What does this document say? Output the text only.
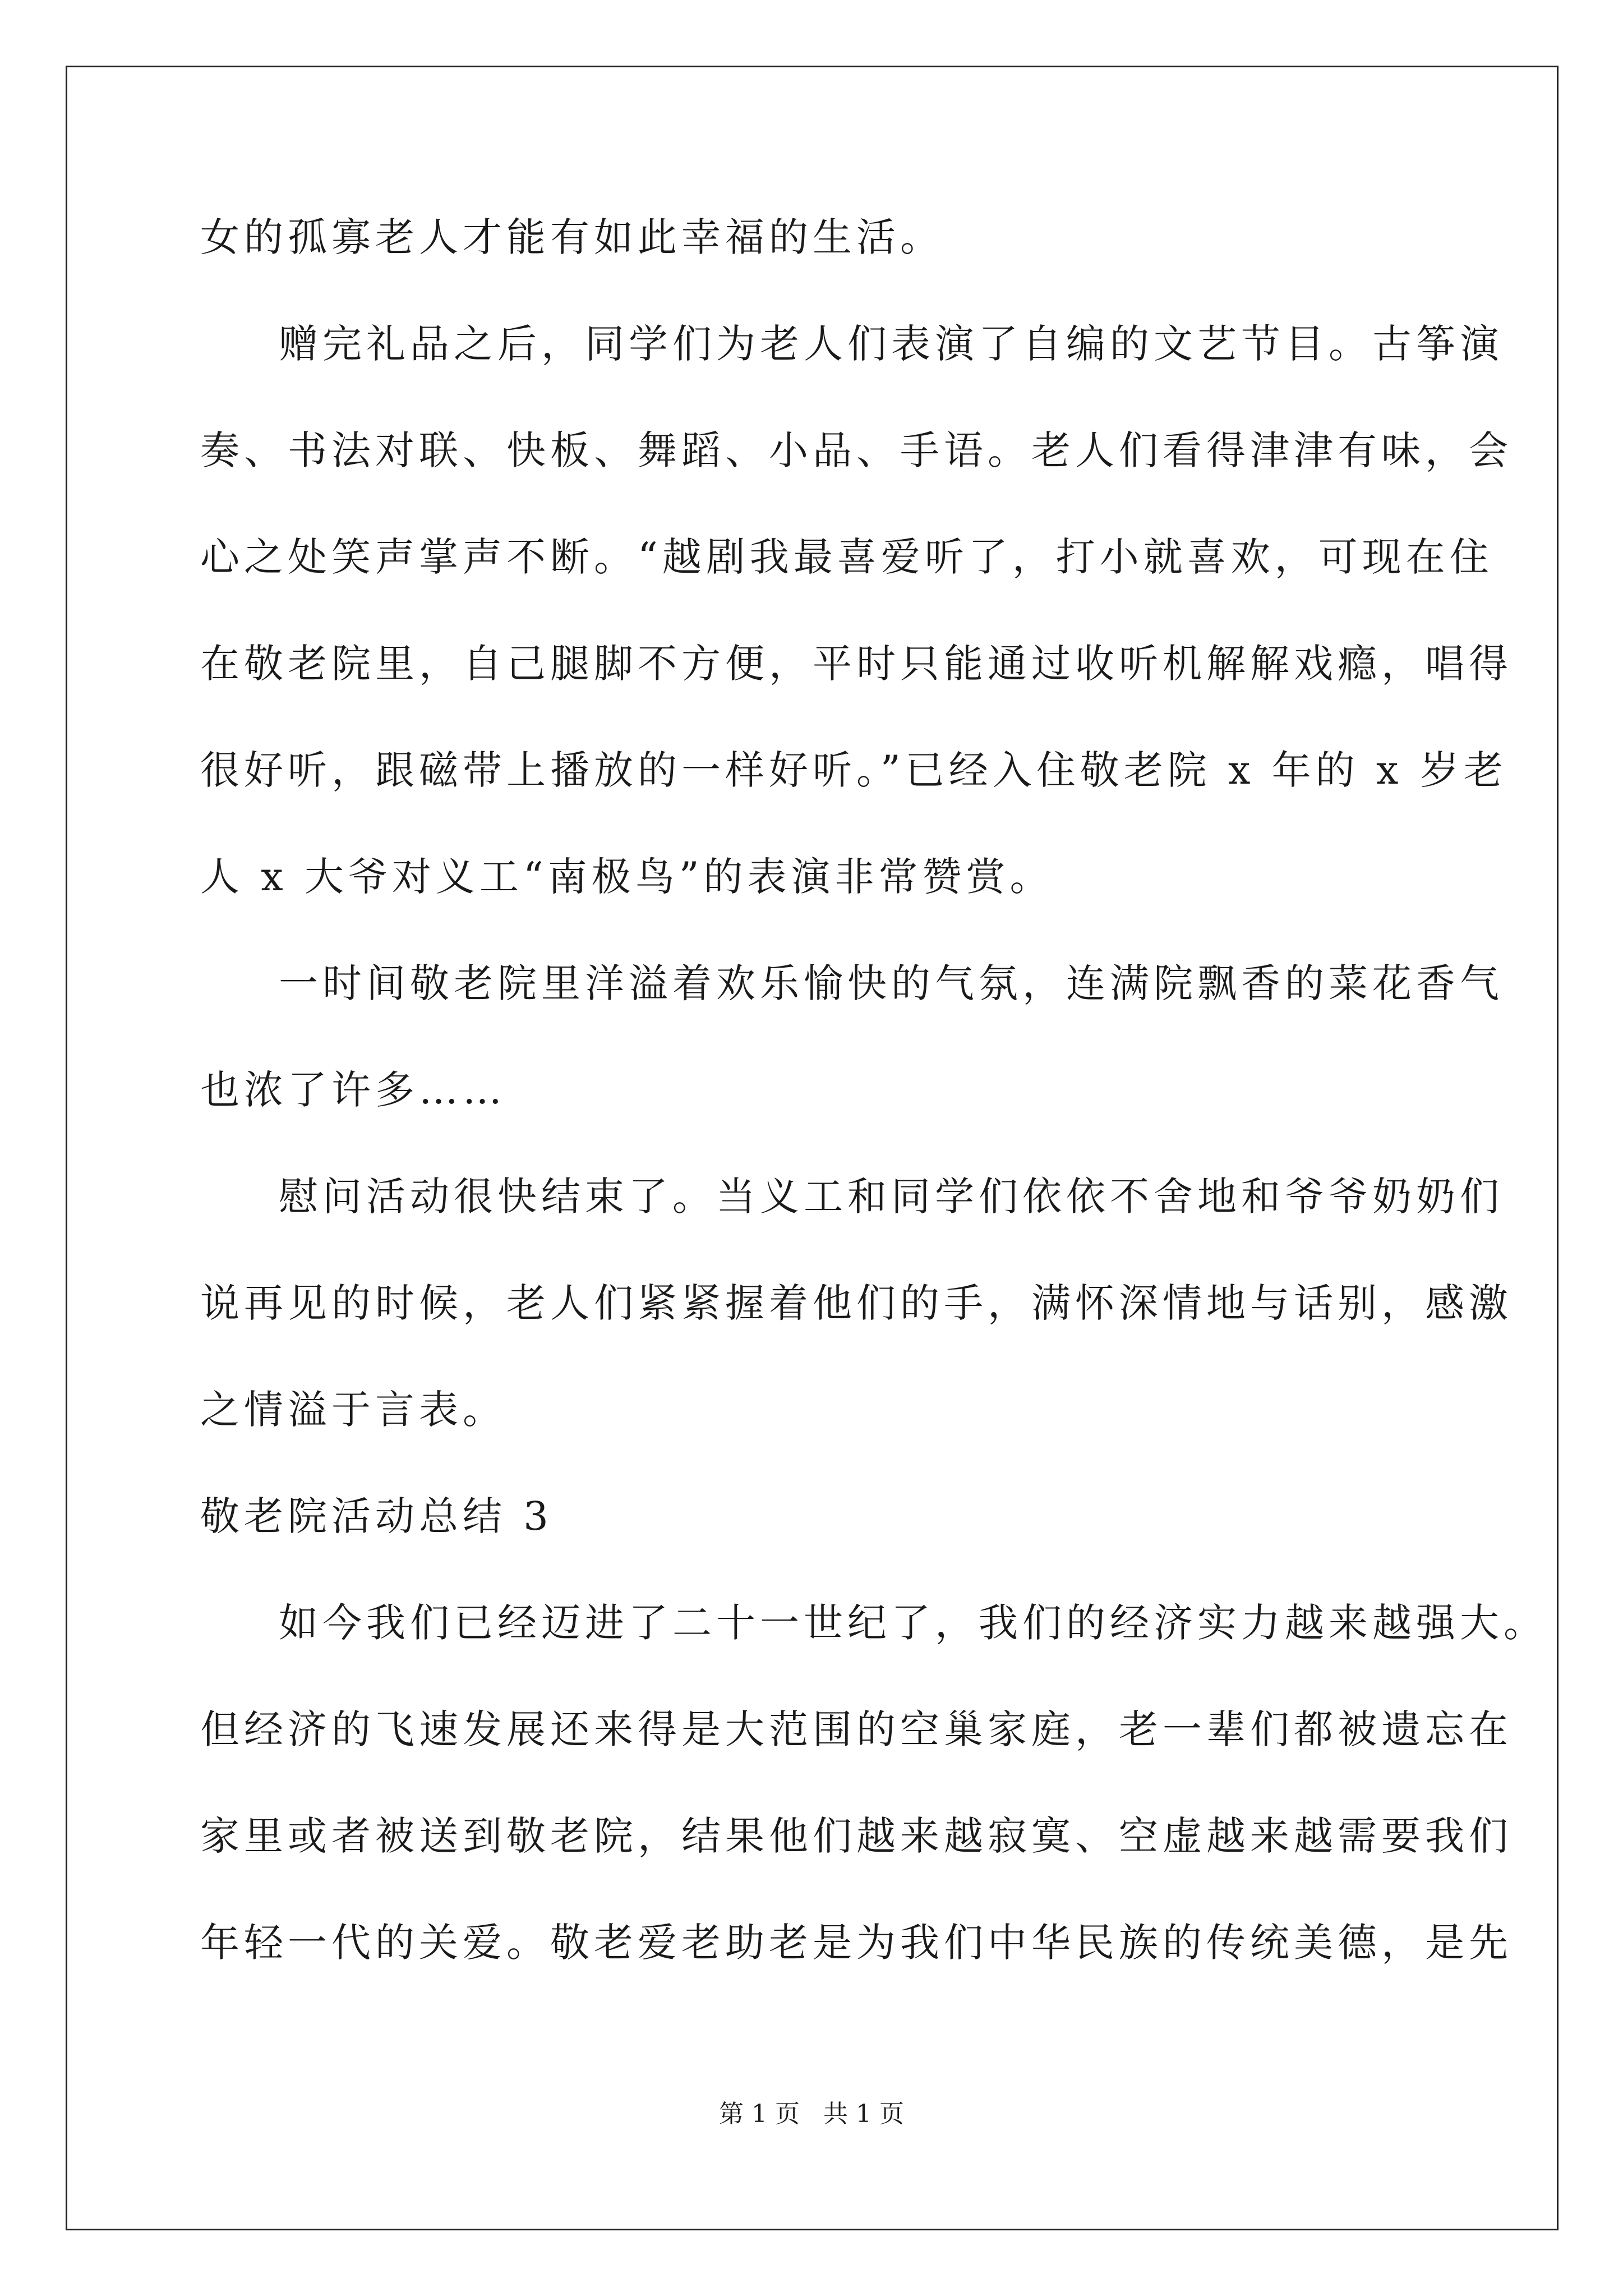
女的孤寡老人才能有如此幸福的生活。
赠完礼品之后，同学们为老人们表演了自编的文艺节目。古筝演
奏、书法对联、快板、舞蹈、小品、手语。老人们看得津津有味，会
心之处笑声掌声不断。“越剧我最喜爱听了，打小就喜欢，可现在住
在敬老院里，自己腿脚不方便，平时只能通过收听机解解戏瘾，唱得
很好听，跟磁带上播放的一样好听。”已经入住敬老院 x 年的 x 岁老
人 x 大爷对义工“南极鸟”的表演非常赞赏。
一时间敬老院里洋溢着欢乐愉快的气氛，连满院飘香的菜花香气
也浓了许多……
慰问活动很快结束了。当义工和同学们依依不舍地和爷爷奶奶们
说再见的时候，老人们紧紧握着他们的手，满怀深情地与话别，感激
之情溢于言表。
敬老院活动总结 3
如今我们已经迈进了二十一世纪了，我们的经济实力越来越强大。
但经济的飞速发展还来得是大范围的空巢家庭，老一辈们都被遗忘在
家里或者被送到敬老院，结果他们越来越寂寞、空虚越来越需要我们
年轻一代的关爱。敬老爱老助老是为我们中华民族的传统美德，是先
第 1 页   共 1 页
